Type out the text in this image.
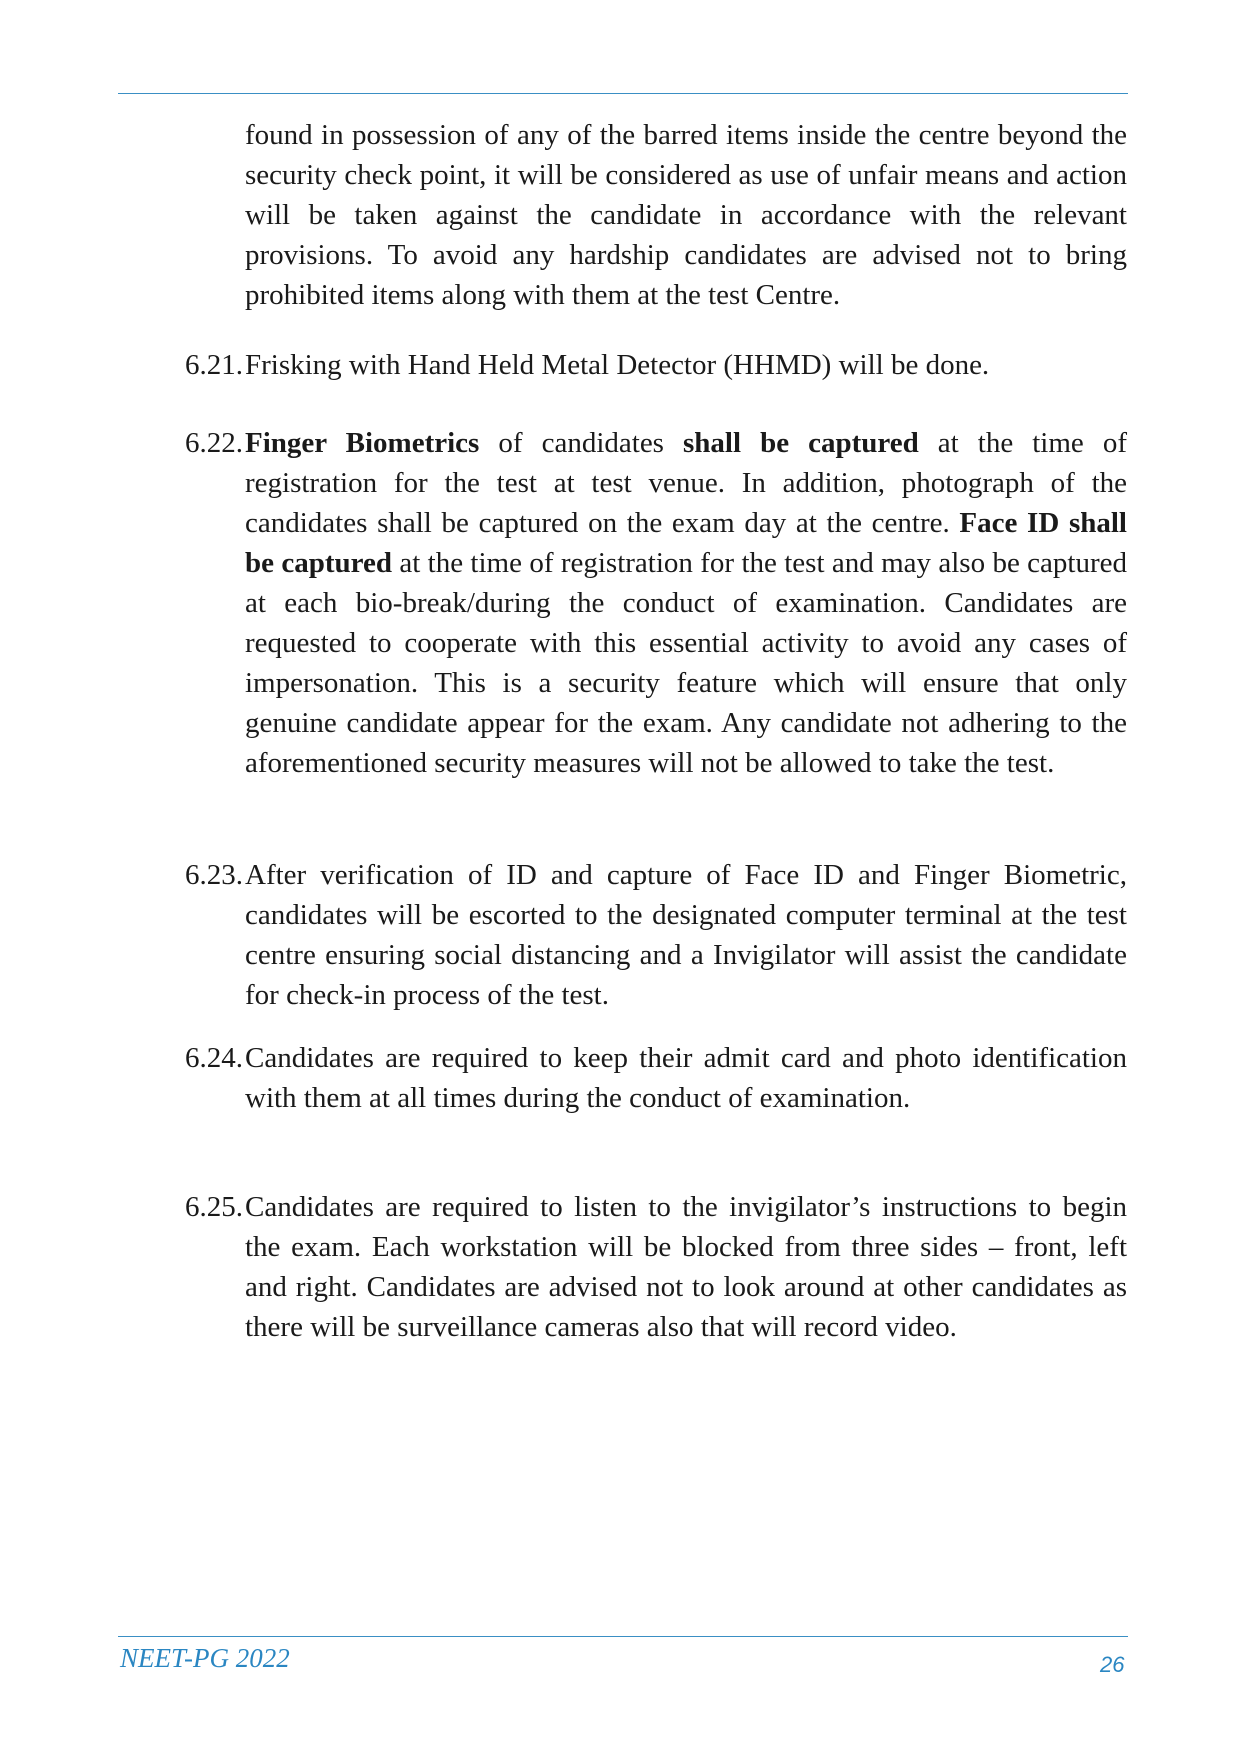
found in possession of any of the barred items inside the centre beyond the security check point, it will be considered as use of unfair means and action will be taken against the candidate in accordance with the relevant provisions. To avoid any hardship candidates are advised not to bring prohibited items along with them at the test Centre.

6.21. Frisking with Hand Held Metal Detector (HHMD) will be done.

6.22. Finger Biometrics of candidates shall be captured at the time of registration for the test at test venue. In addition, photograph of the candidates shall be captured on the exam day at the centre. Face ID shall be captured at the time of registration for the test and may also be captured at each bio-break/during the conduct of examination. Candidates are requested to cooperate with this essential activity to avoid any cases of impersonation. This is a security feature which will ensure that only genuine candidate appear for the exam. Any candidate not adhering to the aforementioned security measures will not be allowed to take the test.

6.23. After verification of ID and capture of Face ID and Finger Biometric, candidates will be escorted to the designated computer terminal at the test centre ensuring social distancing and a Invigilator will assist the candidate for check-in process of the test.

6.24. Candidates are required to keep their admit card and photo identification with them at all times during the conduct of examination.

6.25. Candidates are required to listen to the invigilator’s instructions to begin the exam. Each workstation will be blocked from three sides – front, left and right. Candidates are advised not to look around at other candidates as there will be surveillance cameras also that will record video.

NEET-PG 2022	26
